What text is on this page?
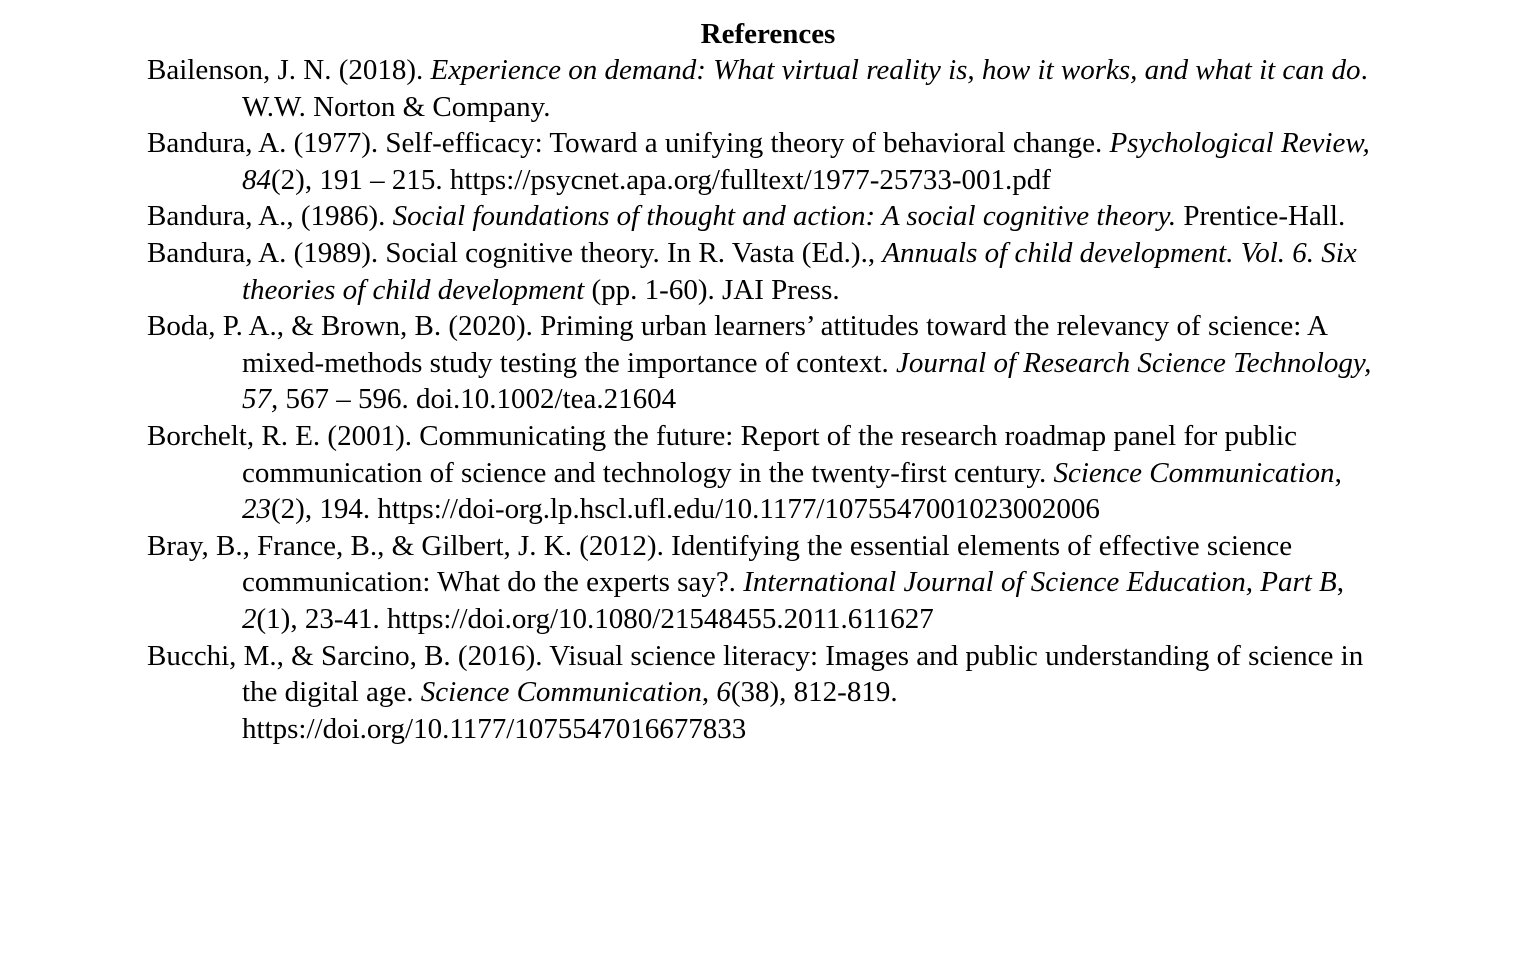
References

Bailenson, J. N. (2018). Experience on demand: What virtual reality is, how it works, and what it can do. W.W. Norton & Company.

Bandura, A. (1977). Self-efficacy: Toward a unifying theory of behavioral change. Psychological Review, 84(2), 191 – 215. https://psycnet.apa.org/fulltext/1977-25733-001.pdf

Bandura, A., (1986). Social foundations of thought and action: A social cognitive theory. Prentice-Hall.

Bandura, A. (1989). Social cognitive theory. In R. Vasta (Ed.)., Annuals of child development. Vol. 6. Six theories of child development (pp. 1-60). JAI Press.

Boda, P. A., & Brown, B. (2020). Priming urban learners’ attitudes toward the relevancy of science: A mixed-methods study testing the importance of context. Journal of Research Science Technology, 57, 567 – 596. doi.10.1002/tea.21604

Borchelt, R. E. (2001). Communicating the future: Report of the research roadmap panel for public communication of science and technology in the twenty-first century. Science Communication, 23(2), 194. https://doi-org.lp.hscl.ufl.edu/10.1177/1075547001023002006

Bray, B., France, B., & Gilbert, J. K. (2012). Identifying the essential elements of effective science communication: What do the experts say?. International Journal of Science Education, Part B, 2(1), 23-41. https://doi.org/10.1080/21548455.2011.611627

Bucchi, M., & Sarcino, B. (2016). Visual science literacy: Images and public understanding of science in the digital age. Science Communication, 6(38), 812-819. https://doi.org/10.1177/1075547016677833
